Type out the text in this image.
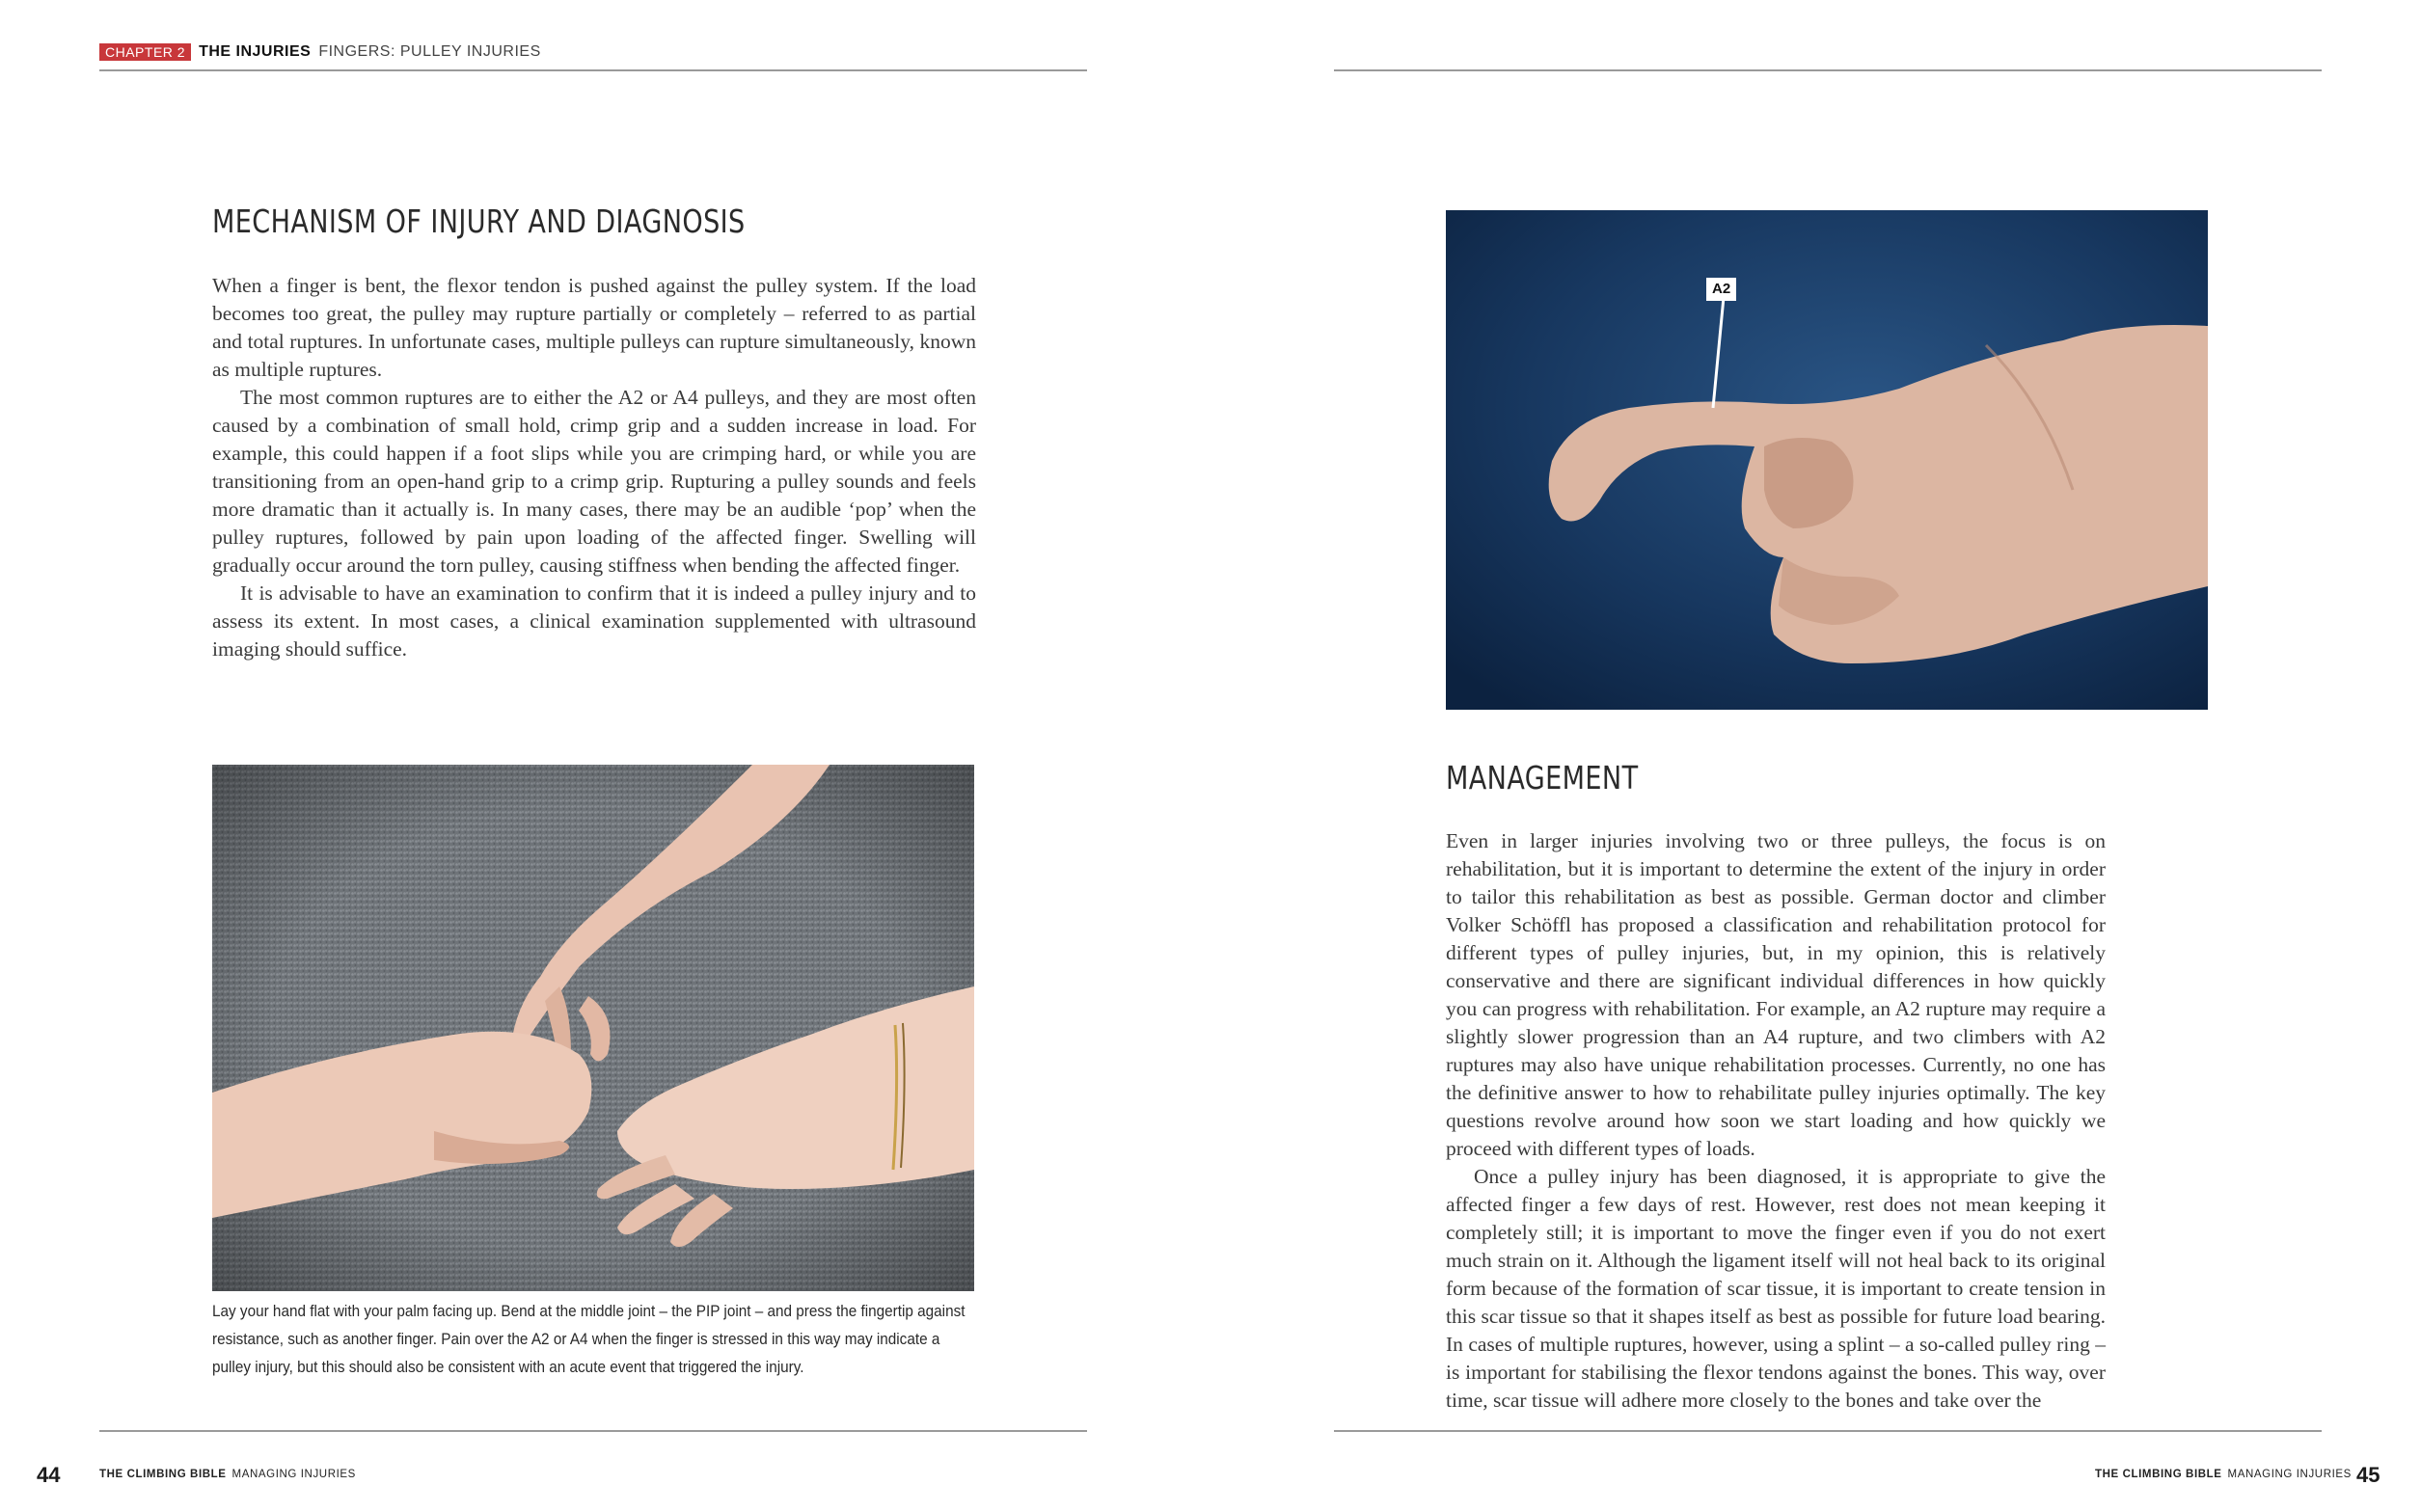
CHAPTER 2 THE INJURIES FINGERS: PULLEY INJURIES
MECHANISM OF INJURY AND DIAGNOSIS

When a finger is bent, the flexor tendon is pushed against the pulley system. If the load becomes too great, the pulley may rupture partially or completely – referred to as partial and total ruptures. In unfortunate cases, multiple pulleys can rupture simultaneously, known as multiple ruptures.

The most common ruptures are to either the A2 or A4 pulleys, and they are most often caused by a combination of small hold, crimp grip and a sudden increase in load. For example, this could happen if a foot slips while you are crimping hard, or while you are transitioning from an open-hand grip to a crimp grip. Rupturing a pulley sounds and feels more dramatic than it actually is. In many cases, there may be an audible ‘pop’ when the pulley ruptures, followed by pain upon loading of the affected finger. Swelling will gradually occur around the torn pulley, causing stiffness when bending the affected finger.

It is advisable to have an examination to confirm that it is indeed a pulley injury and to assess its extent. In most cases, a clinical examination supplemented with ultrasound imaging should suffice.

Lay your hand flat with your palm facing up. Bend at the middle joint – the PIP joint – and press the fingertip against resistance, such as another finger. Pain over the A2 or A4 when the finger is stressed in this way may indicate a pulley injury, but this should also be consistent with an acute event that triggered the injury.
44	THE CLIMBING BIBLE MANAGING INJURIES
A2
MANAGEMENT

Even in larger injuries involving two or three pulleys, the focus is on rehabilitation, but it is important to determine the extent of the injury in order to tailor this rehabilitation as best as possible. German doctor and climber Volker Schöffl has proposed a classification and rehabilitation protocol for different types of pulley injuries, but, in my opinion, this is relatively conservative and there are significant individual differences in how quickly you can progress with rehabilitation. For example, an A2 rupture may require a slightly slower progression than an A4 rupture, and two climbers with A2 ruptures may also have unique rehabilitation processes. Currently, no one has the definitive answer to how to rehabilitate pulley injuries optimally. The key questions revolve around how soon we start loading and how quickly we proceed with different types of loads.

Once a pulley injury has been diagnosed, it is appropriate to give the affected finger a few days of rest. However, rest does not mean keeping it completely still; it is important to move the finger even if you do not exert much strain on it. Although the ligament itself will not heal back to its original form because of the formation of scar tissue, it is important to create tension in this scar tissue so that it shapes itself as best as possible for future load bearing. In cases of multiple ruptures, however, using a splint – a so-called pulley ring – is important for stabilising the flexor tendons against the bones. This way, over time, scar tissue will adhere more closely to the bones and take over the

THE CLIMBING BIBLE MANAGING INJURIES 45
